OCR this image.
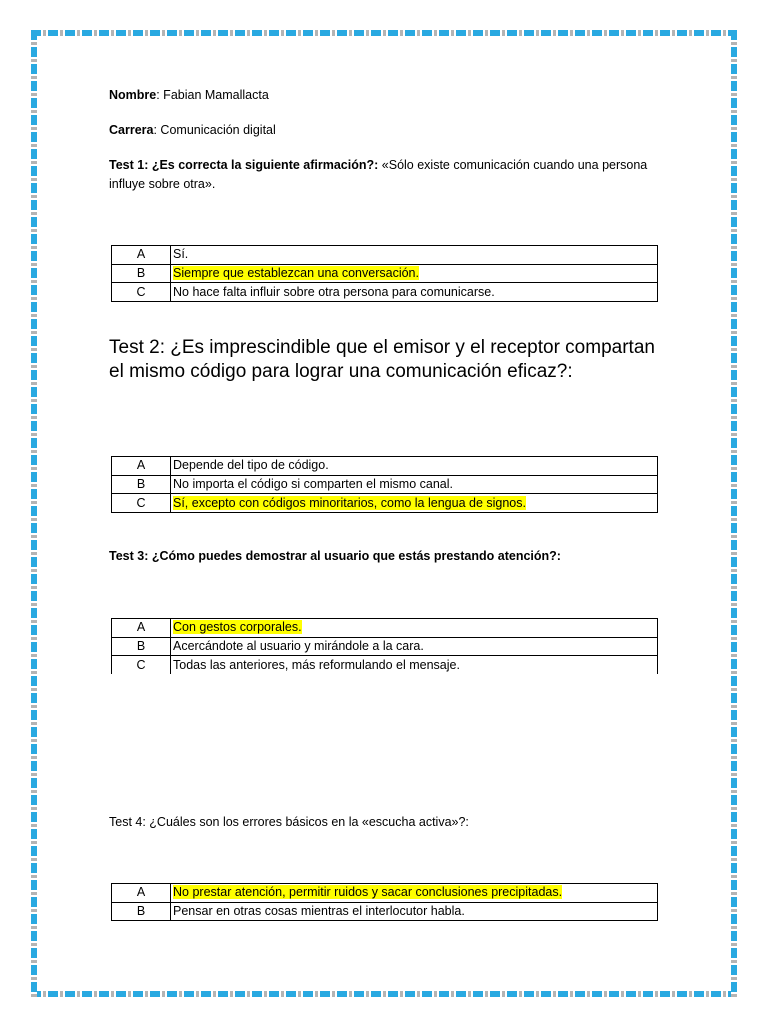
Nombre: Fabian Mamallacta
Carrera: Comunicación digital
Test 1: ¿Es correcta la siguiente afirmación?: «Sólo existe comunicación cuando una persona influye sobre otra».
A	Sí.
B	Siempre que establezcan una conversación.
C	No hace falta influir sobre otra persona para comunicarse.
Test 2: ¿Es imprescindible que el emisor y el receptor compartan el mismo código para lograr una comunicación eficaz?:
A	Depende del tipo de código.
B	No importa el código si comparten el mismo canal.
C	Sí, excepto con códigos minoritarios, como la lengua de signos.
Test 3: ¿Cómo puedes demostrar al usuario que estás prestando atención?:
A	Con gestos corporales.
B	Acercándote al usuario y mirándole a la cara.
C	Todas las anteriores, más reformulando el mensaje.
Test 4: ¿Cuáles son los errores básicos en la «escucha activa»?:
A	No prestar atención, permitir ruidos y sacar conclusiones precipitadas.
B	Pensar en otras cosas mientras el interlocutor habla.
